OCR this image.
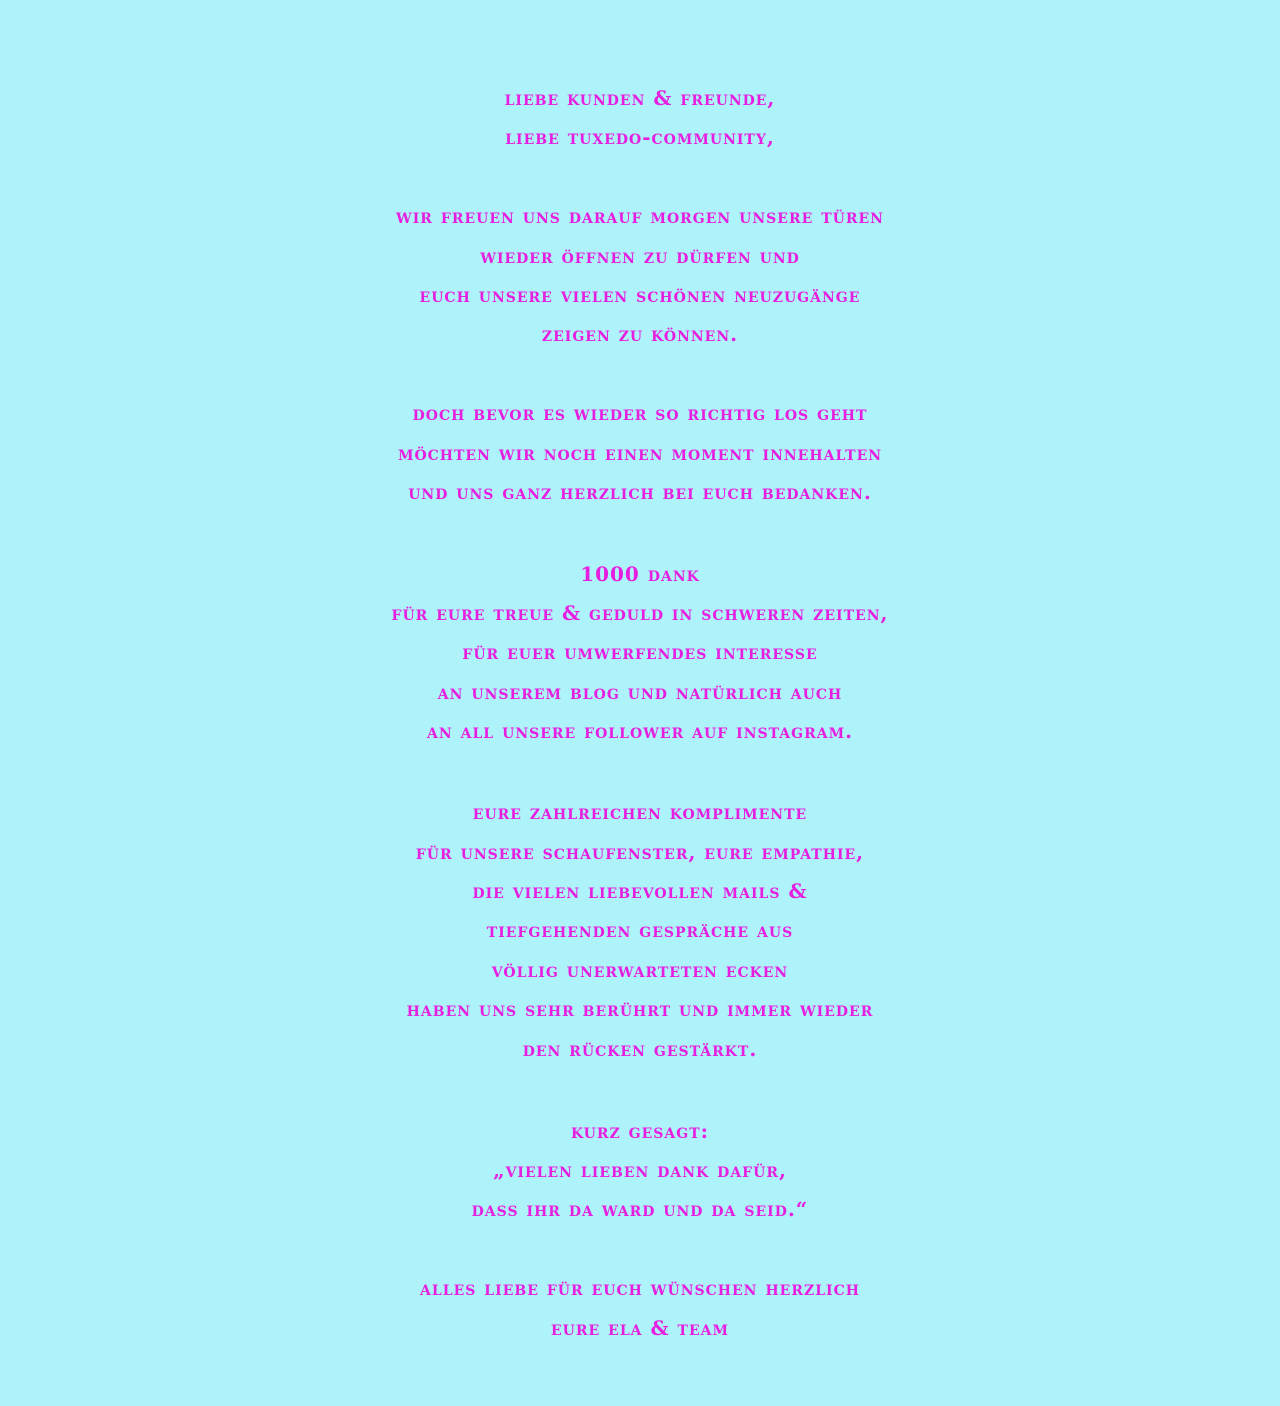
liebe kunden & freunde,
liebe tuxedo-community,
wir freuen uns darauf morgen unsere türen
wieder öffnen zu dürfen und
euch unsere vielen schönen neuzugänge
zeigen zu können.
doch bevor es wieder so richtig los geht
möchten wir noch einen moment innehalten
und uns ganz herzlich bei euch bedanken.
1000 dank
für eure treue & geduld in schweren zeiten,
für euer umwerfendes interesse
an unserem blog und natürlich auch
an all unsere follower auf instagram.
eure zahlreichen komplimente
für unsere schaufenster, eure empathie,
die vielen liebevollen mails &
tiefgehenden gespräche aus
völlig unerwarteten ecken
haben uns sehr berührt und immer wieder
den rücken gestärkt.
kurz gesagt:
„vielen lieben dank dafür,
dass ihr da ward und da seid.“
alles liebe für euch wünschen herzlich
eure ela & team
